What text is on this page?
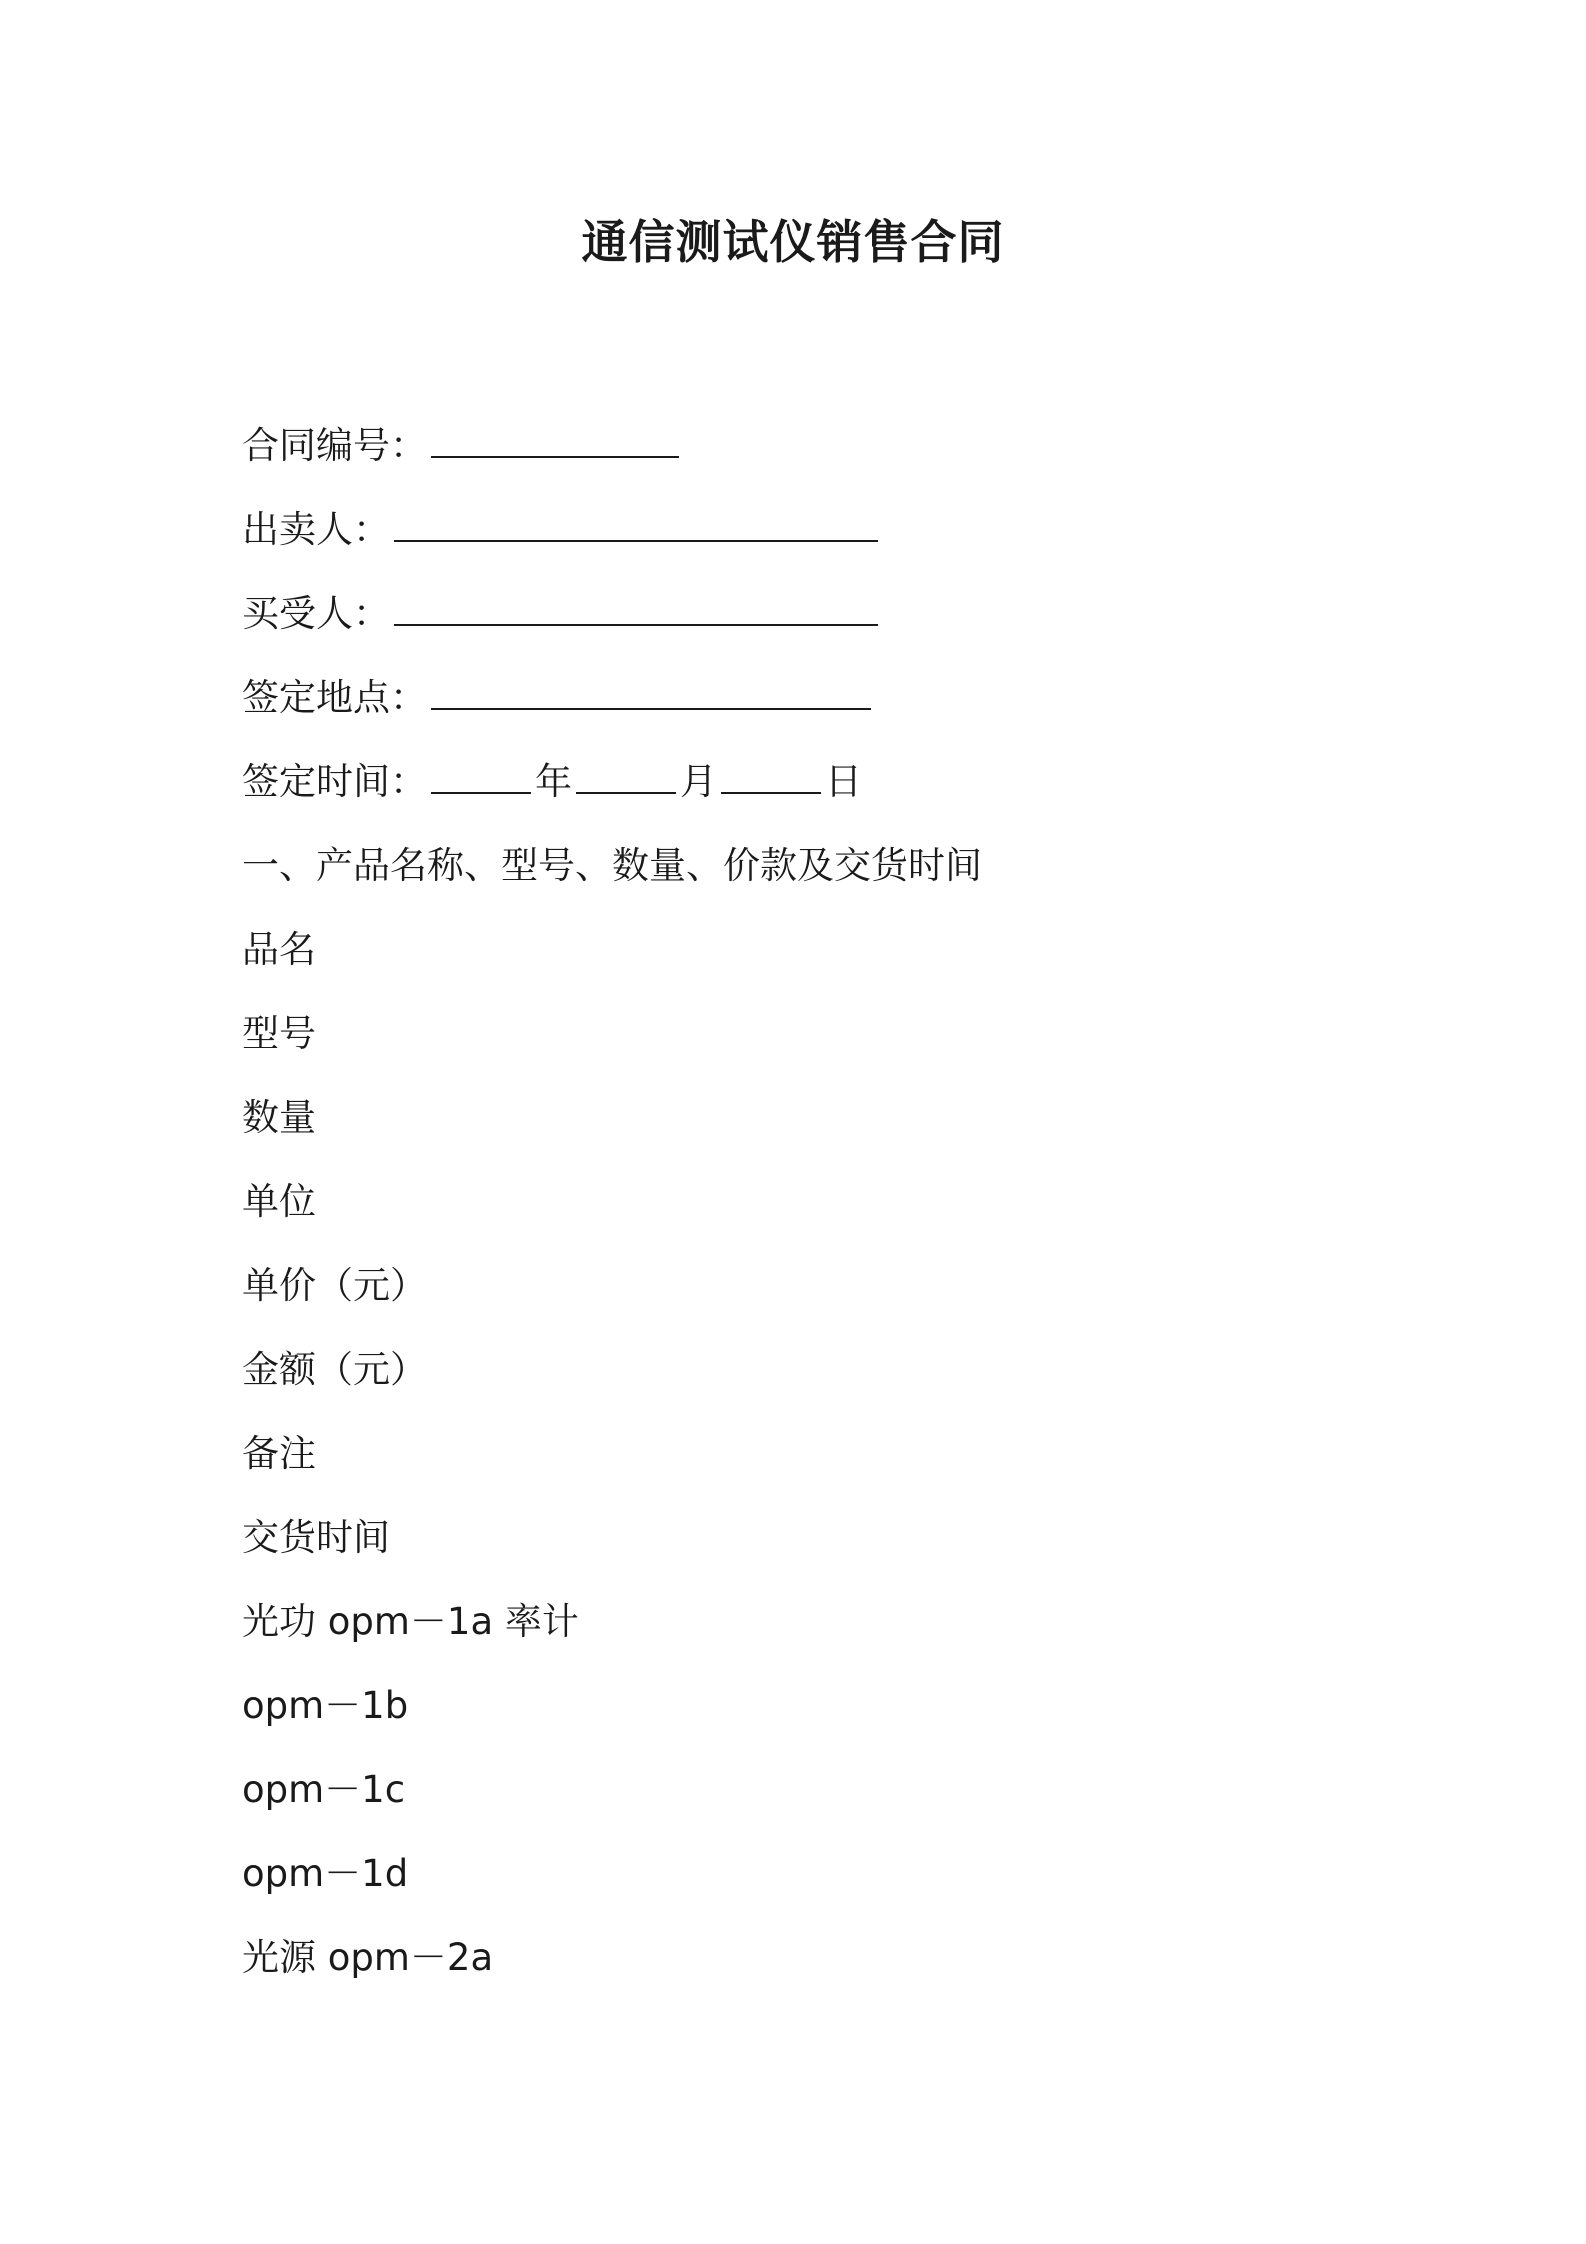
通信测试仪销售合同
合同编号：
出卖人：
买受人：
签定地点：
签定时间：	年	月	日
一、产品名称、型号、数量、价款及交货时间
品名
型号
数量
单位
单价（元）
金额（元）
备注
交货时间
光功 opm－1a 率计
opm－1b
opm－1c
opm－1d
光源 opm－2a
